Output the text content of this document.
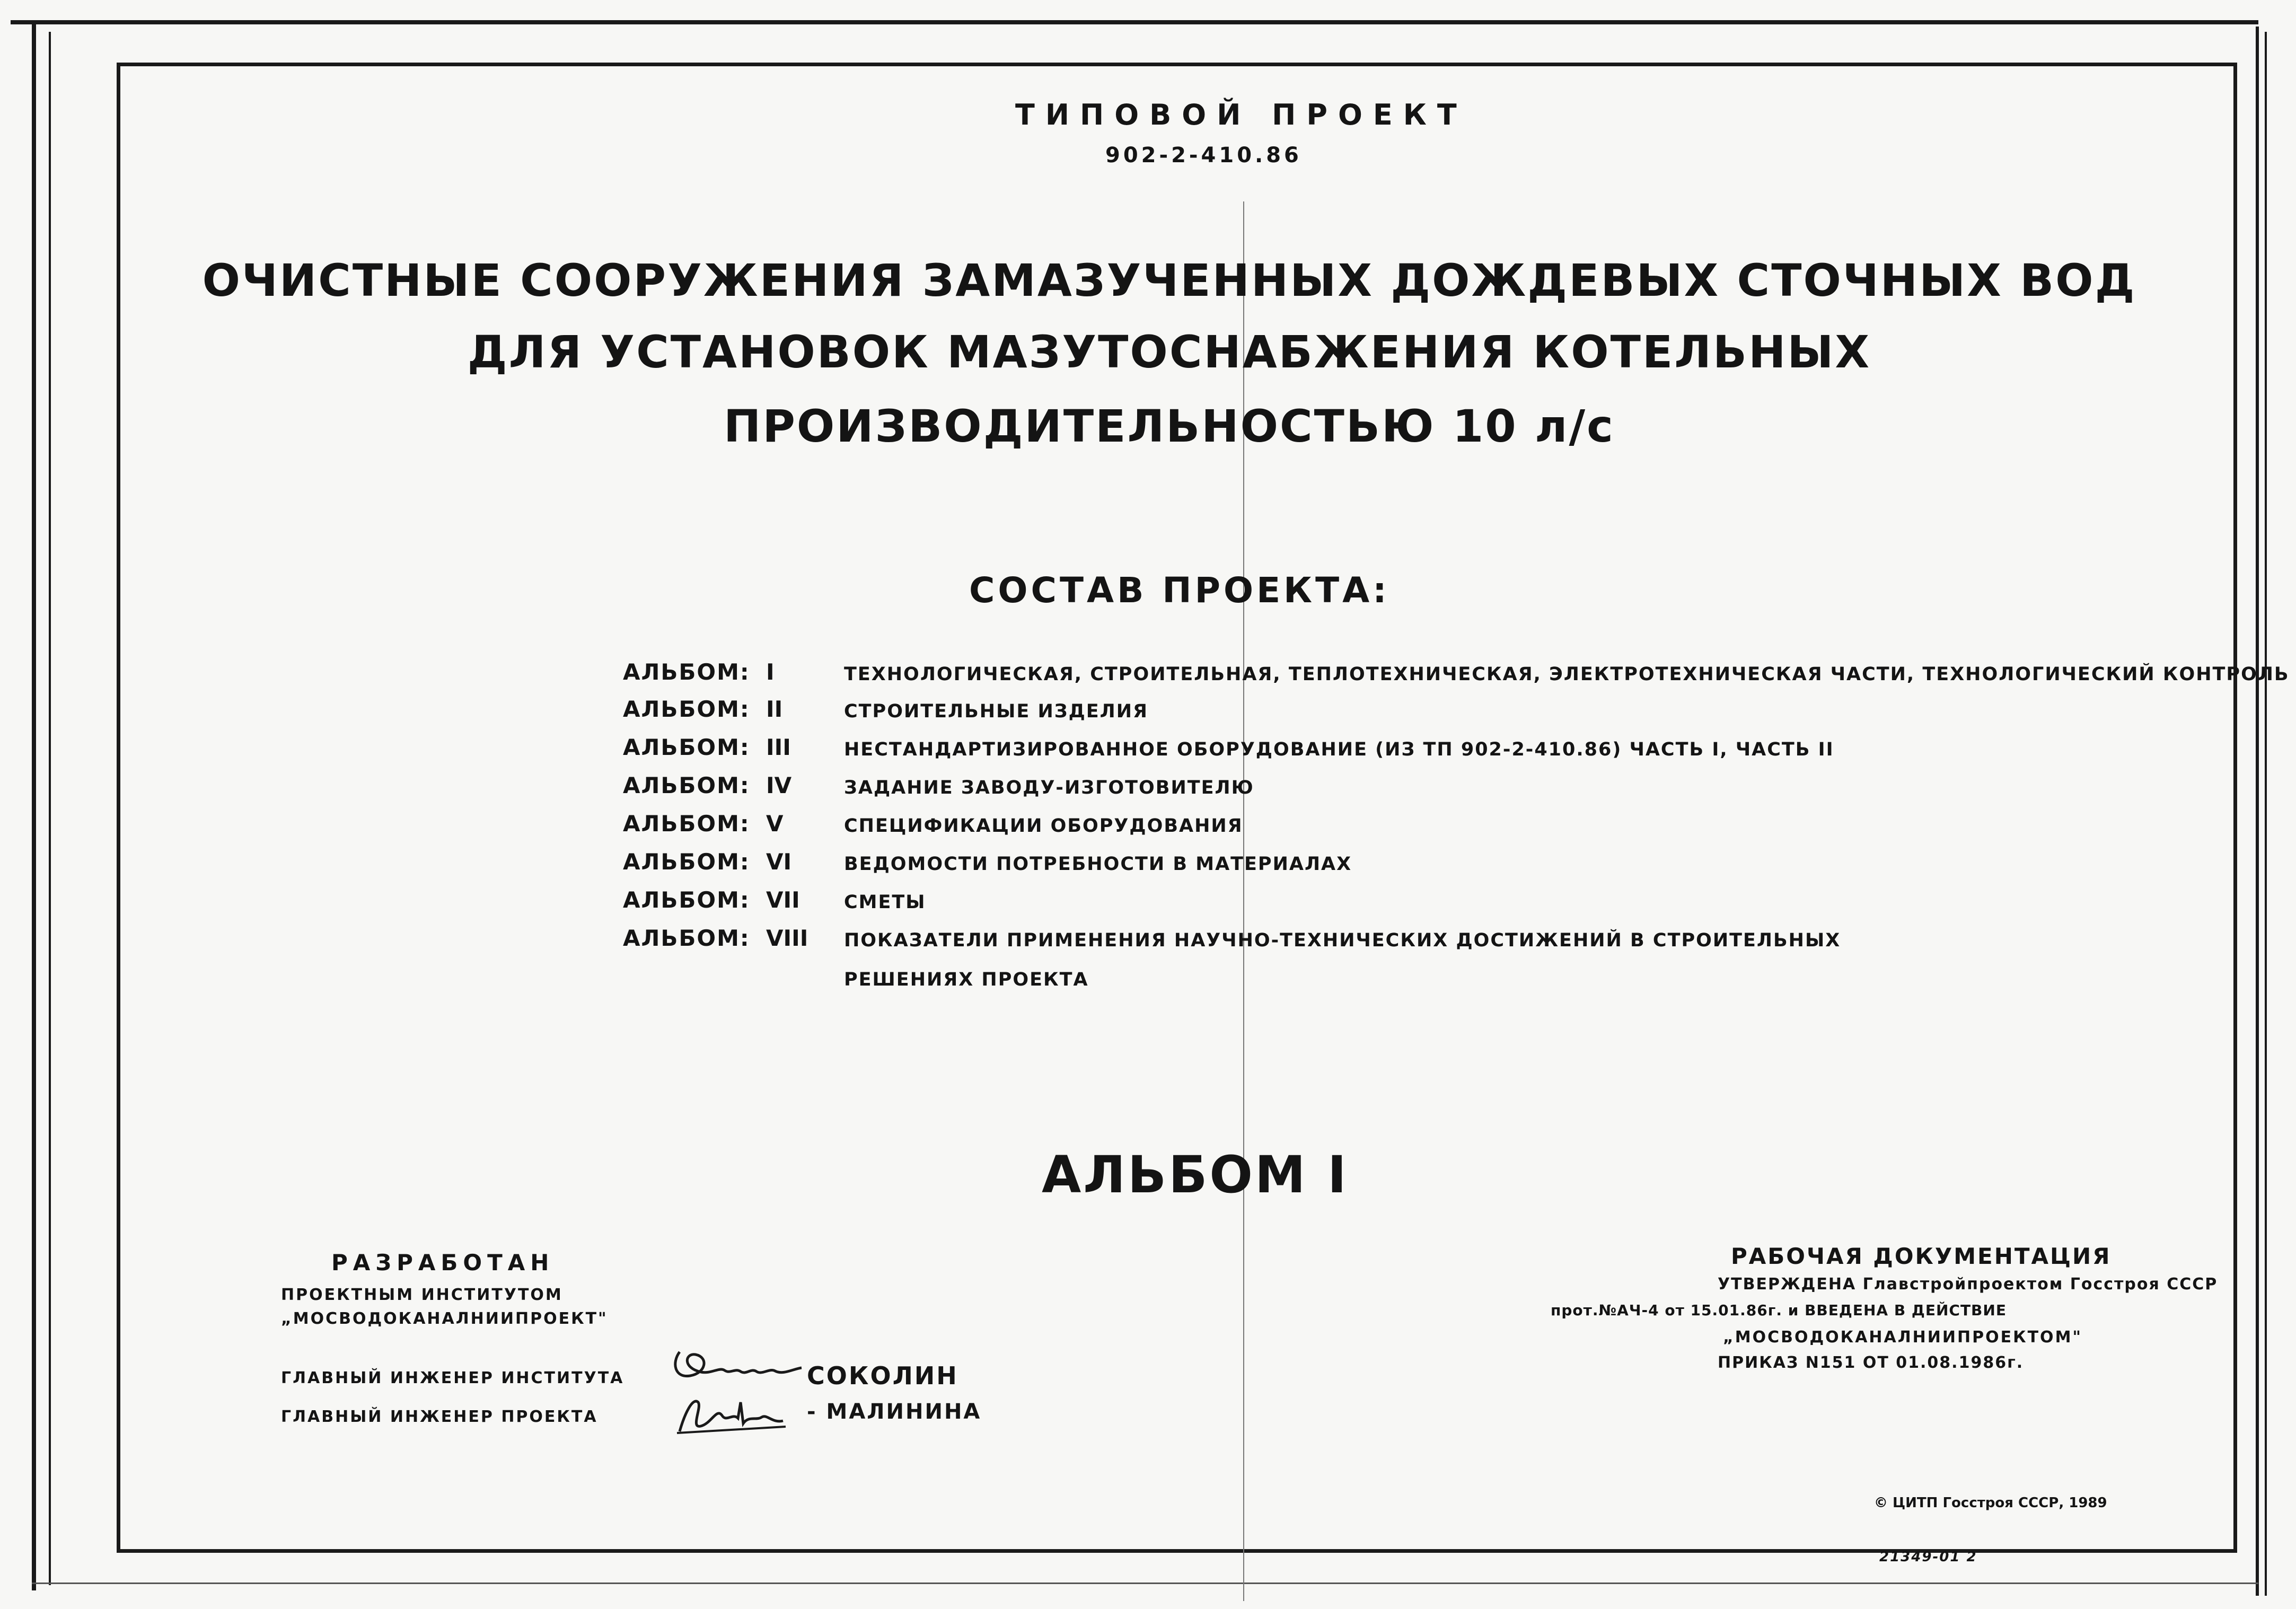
ТИПОВОЙ ПРОЕКТ
902-2-410.86
ОЧИСТНЫЕ СООРУЖЕНИЯ ЗАМАЗУЧЕННЫХ ДОЖДЕВЫХ СТОЧНЫХ ВОД
ДЛЯ УСТАНОВОК МАЗУТОСНАБЖЕНИЯ КОТЕЛЬНЫХ
ПРОИЗВОДИТЕЛЬНОСТЬЮ 10 л/с
СОСТАВ ПРОЕКТА:
АЛЬБОМ: I	ТЕХНОЛОГИЧЕСКАЯ, СТРОИТЕЛЬНАЯ, ТЕПЛОТЕХНИЧЕСКАЯ, ЭЛЕКТРОТЕХНИЧЕСКАЯ ЧАСТИ, ТЕХНОЛОГИЧЕСКИЙ КОНТРОЛЬ
АЛЬБОМ: II	СТРОИТЕЛЬНЫЕ ИЗДЕЛИЯ
АЛЬБОМ: III	НЕСТАНДАРТИЗИРОВАННОЕ ОБОРУДОВАНИЕ (ИЗ ТП 902-2-410.86) ЧАСТЬ I, ЧАСТЬ II
АЛЬБОМ: IV	ЗАДАНИЕ ЗАВОДУ-ИЗГОТОВИТЕЛЮ
АЛЬБОМ: V	СПЕЦИФИКАЦИИ ОБОРУДОВАНИЯ
АЛЬБОМ: VI	ВЕДОМОСТИ ПОТРЕБНОСТИ В МАТЕРИАЛАХ
АЛЬБОМ: VII СМЕТЫ
АЛЬБОМ: VIII ПОКАЗАТЕЛИ ПРИМЕНЕНИЯ НАУЧНО-ТЕХНИЧЕСКИХ ДОСТИЖЕНИЙ В СТРОИТЕЛЬНЫХ
РЕШЕНИЯХ ПРОЕКТА
АЛЬБОМ I
РАЗРАБОТАН
ПРОЕКТНЫМ ИНСТИТУТОМ
„МОСВОДОКАНАЛНИИПРОЕКТ"
ГЛАВНЫЙ ИНЖЕНЕР ИНСТИТУТА
ГЛАВНЫЙ ИНЖЕНЕР ПРОЕКТА
СОКОЛИН
- МАЛИНИНА
РАБОЧАЯ ДОКУМЕНТАЦИЯ
УТВЕРЖДЕНА Главстройпроектом Госстроя СССР
прот.№АЧ-4 от 15.01.86г. и ВВЕДЕНА В ДЕЙСТВИЕ
„МОСВОДОКАНАЛНИИПРОЕКТОМ"
ПРИКАЗ N151 ОТ 01.08.1986г.
© ЦИТП Госстроя СССР, 1989
21349-01 2
